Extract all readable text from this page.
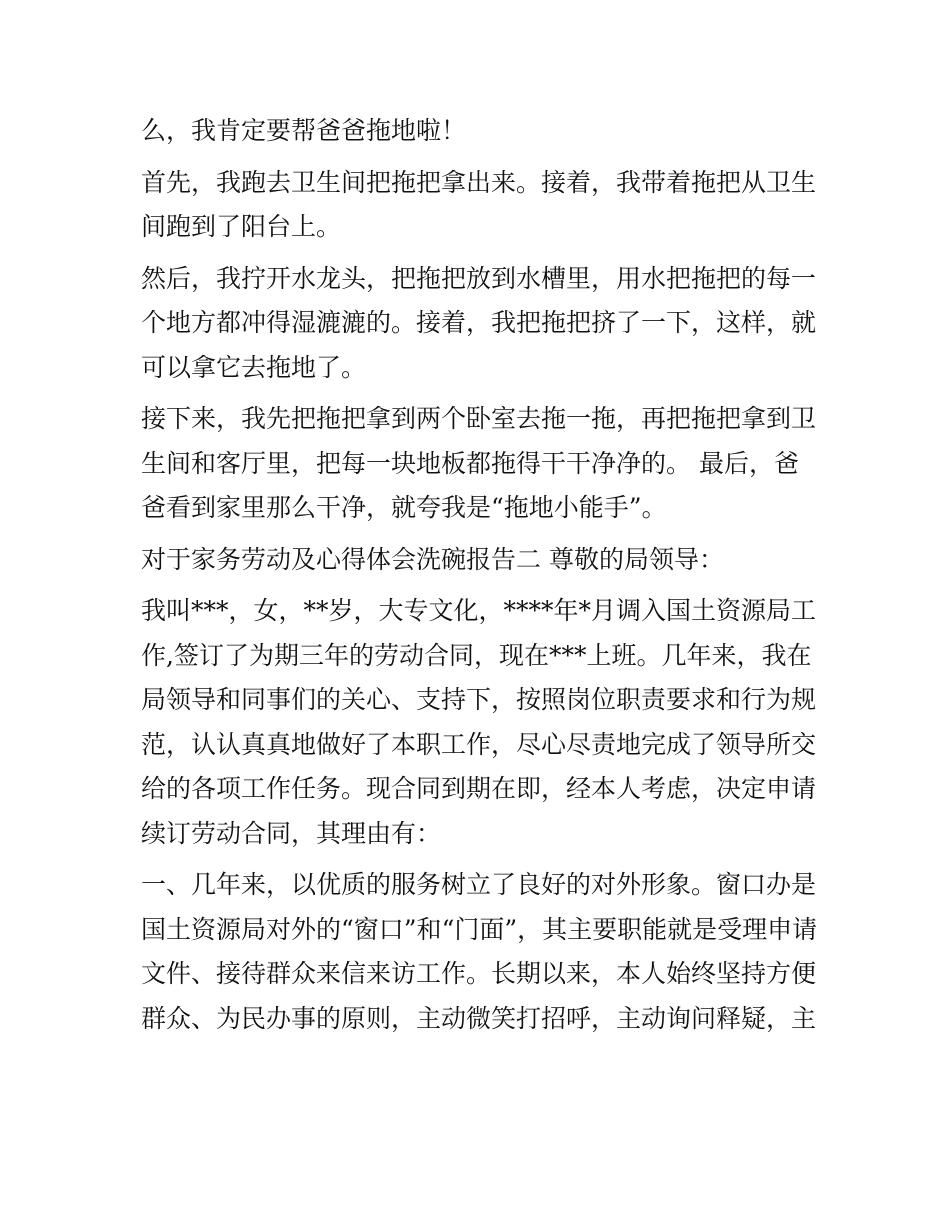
么，我肯定要帮爸爸拖地啦！
首先，我跑去卫生间把拖把拿出来。接着，我带着拖把从卫生
间跑到了阳台上。
然后，我拧开水龙头，把拖把放到水槽里，用水把拖把的每一
个地方都冲得湿漉漉的。接着，我把拖把挤了一下，这样，就
可以拿它去拖地了。
接下来，我先把拖把拿到两个卧室去拖一拖，再把拖把拿到卫
生间和客厅里，把每一块地板都拖得干干净净的。 最后，爸
爸看到家里那么干净，就夸我是“拖地小能手”。
对于家务劳动及心得体会洗碗报告二 尊敬的局领导：
我叫***，女，**岁，大专文化，****年*月调入国土资源局工
作,签订了为期三年的劳动合同，现在***上班。几年来，我在
局领导和同事们的关心、支持下，按照岗位职责要求和行为规
范，认认真真地做好了本职工作，尽心尽责地完成了领导所交
给的各项工作任务。现合同到期在即，经本人考虑，决定申请
续订劳动合同，其理由有：
一、几年来，以优质的服务树立了良好的对外形象。窗口办是
国土资源局对外的“窗口”和“门面”，其主要职能就是受理申请
文件、接待群众来信来访工作。长期以来，本人始终坚持方便
群众、为民办事的原则，主动微笑打招呼，主动询问释疑，主
